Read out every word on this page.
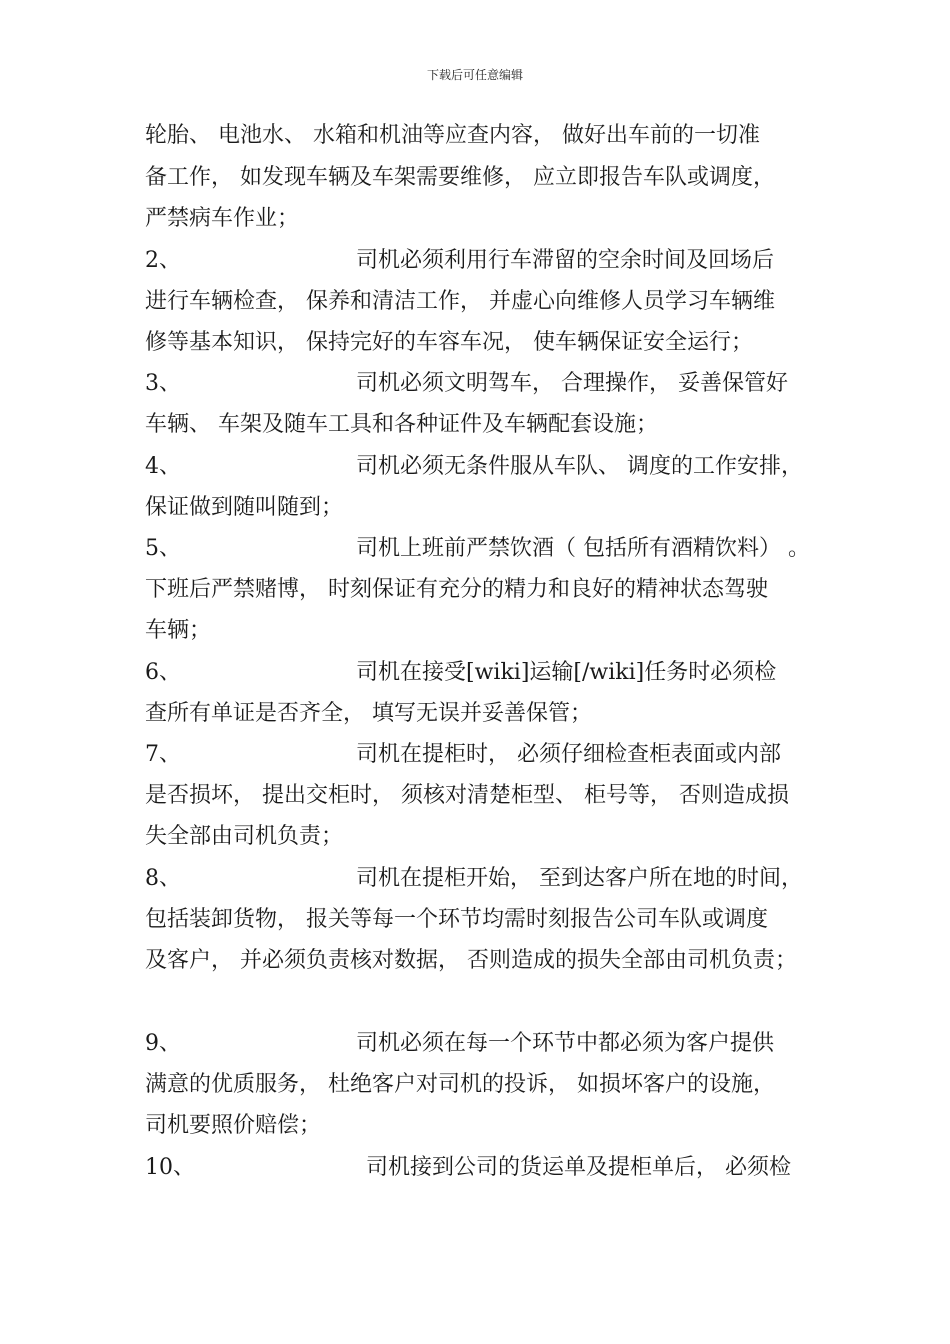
下载后可任意编辑
轮胎、 电池水、 水箱和机油等应查内容， 做好出车前的一切准
备工作， 如发现车辆及车架需要维修， 应立即报告车队或调度，
严禁病车作业；
2、	司机必须利用行车滞留的空余时间及回场后
进行车辆检查， 保养和清洁工作， 并虚心向维修人员学习车辆维
修等基本知识， 保持完好的车容车况， 使车辆保证安全运行；
3、	司机必须文明驾车， 合理操作， 妥善保管好
车辆、 车架及随车工具和各种证件及车辆配套设施；
4、	司机必须无条件服从车队、 调度的工作安排，
保证做到随叫随到；
5、	司机上班前严禁饮酒（ 包括所有酒精饮料） 。
下班后严禁赌博， 时刻保证有充分的精力和良好的精神状态驾驶
车辆；
6、	司机在接受[wiki]运输[/wiki]任务时必须检
查所有单证是否齐全， 填写无误并妥善保管；
7、	司机在提柜时， 必须仔细检查柜表面或内部
是否损坏， 提出交柜时， 须核对清楚柜型、 柜号等， 否则造成损
失全部由司机负责；
8、	司机在提柜开始， 至到达客户所在地的时间，
包括装卸货物， 报关等每一个环节均需时刻报告公司车队或调度
及客户， 并必须负责核对数据， 否则造成的损失全部由司机负责；
9、	司机必须在每一个环节中都必须为客户提供
满意的优质服务， 杜绝客户对司机的投诉， 如损坏客户的设施，
司机要照价赔偿；
10、	司机接到公司的货运单及提柜单后， 必须检
